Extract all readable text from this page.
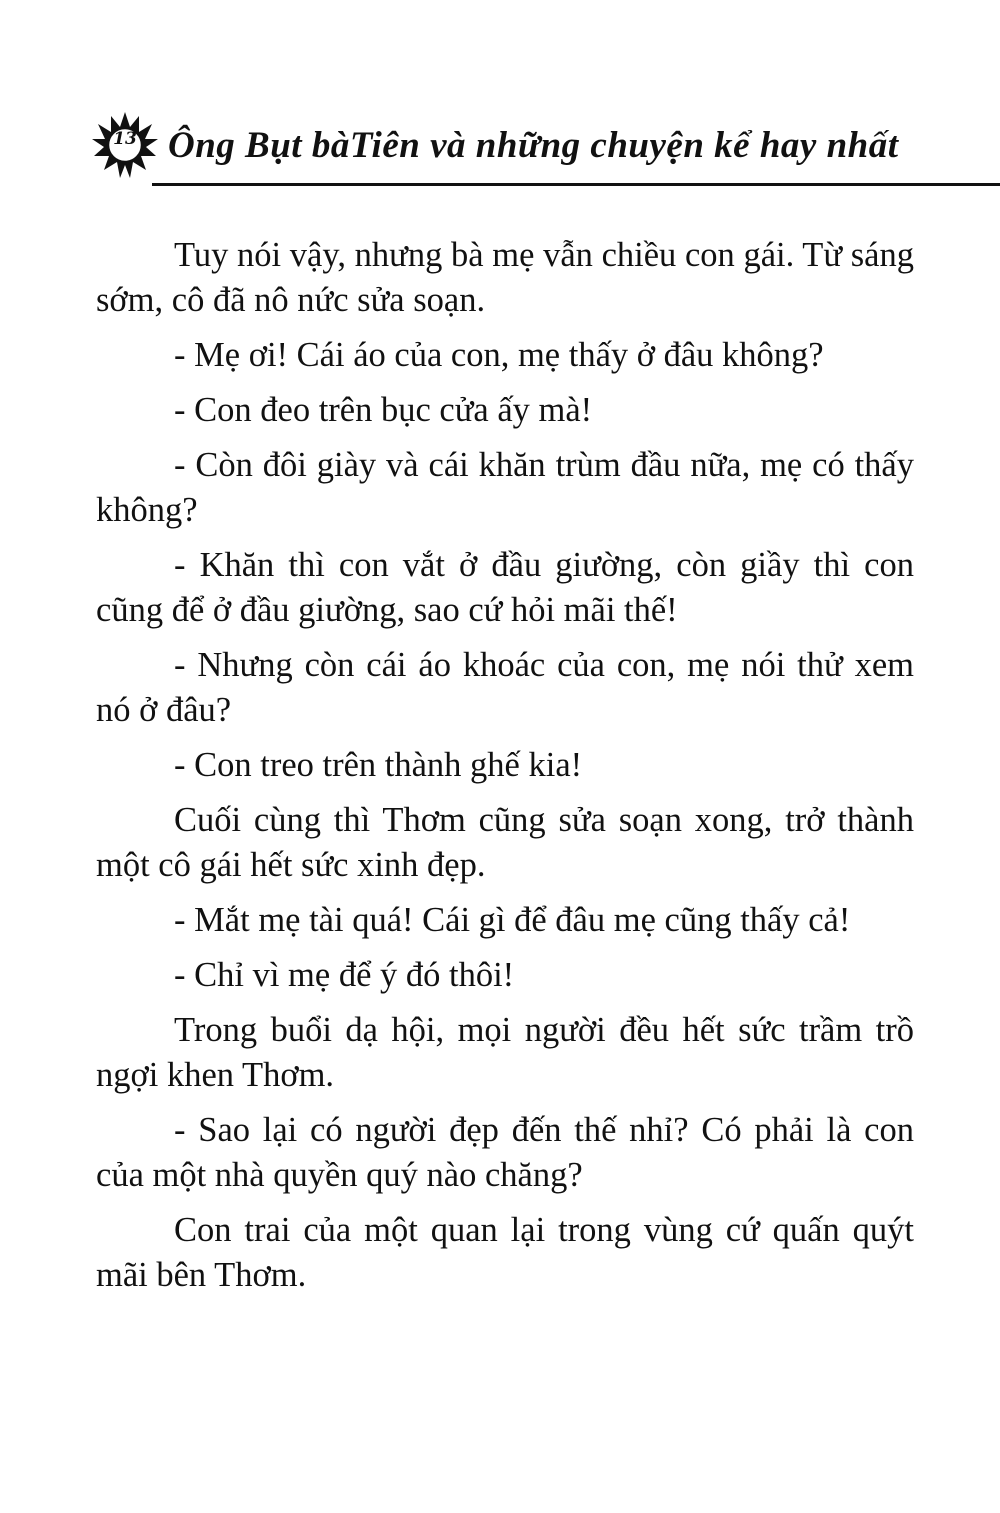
13 Ông Bụt bàTiên và những chuyện kể hay nhất

Tuy nói vậy, nhưng bà mẹ vẫn chiều con gái. Từ sáng sớm, cô đã nô nức sửa soạn.

- Mẹ ơi! Cái áo của con, mẹ thấy ở đâu không?

- Con đeo trên bục cửa ấy mà!

- Còn đôi giày và cái khăn trùm đầu nữa, mẹ có thấy không?

- Khăn thì con vắt ở đầu giường, còn giầy thì con cũng để ở đầu giường, sao cứ hỏi mãi thế!

- Nhưng còn cái áo khoác của con, mẹ nói thử xem nó ở đâu?

- Con treo trên thành ghế kia!

Cuối cùng thì Thơm cũng sửa soạn xong, trở thành một cô gái hết sức xinh đẹp.

- Mắt mẹ tài quá! Cái gì để đâu mẹ cũng thấy cả!

- Chỉ vì mẹ để ý đó thôi!

Trong buổi dạ hội, mọi người đều hết sức trầm trồ ngợi khen Thơm.

- Sao lại có người đẹp đến thế nhỉ? Có phải là con của một nhà quyền quý nào chăng?

Con trai của một quan lại trong vùng cứ quấn quýt mãi bên Thơm.
